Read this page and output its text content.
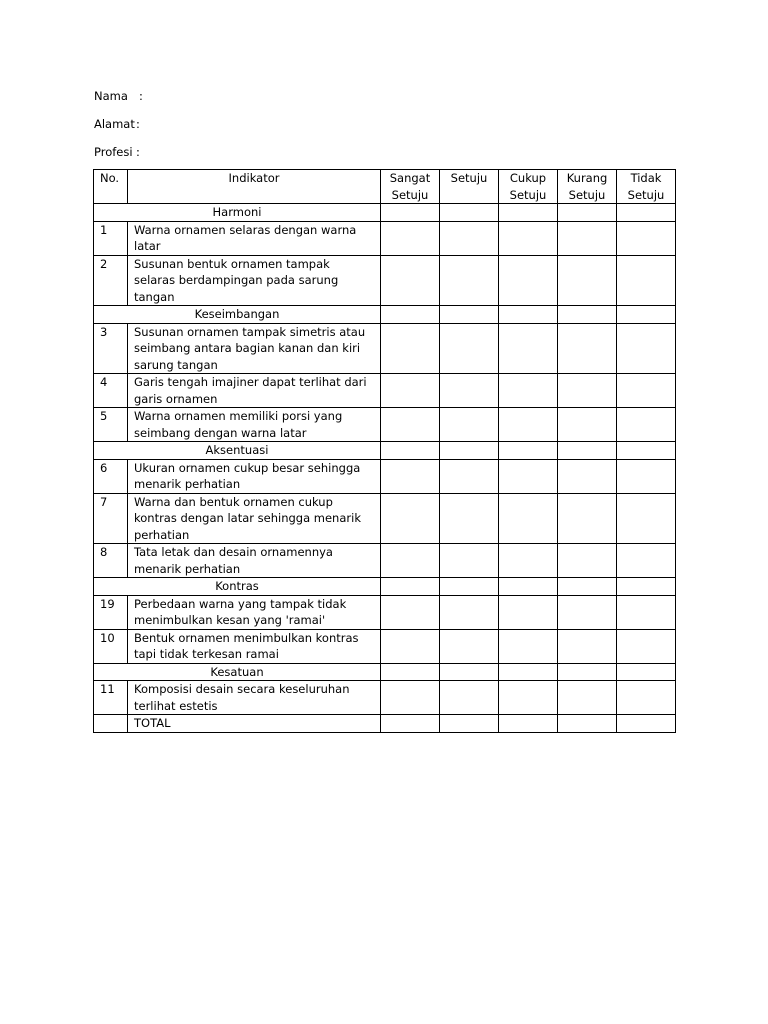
Nama :
Alamat:
Profesi :
No.	Indikator	Sangat Setuju	Setuju	Cukup Setuju	Kurang Setuju	Tidak Setuju
Harmoni						
1	Warna ornamen selaras dengan warna latar					
2	Susunan bentuk ornamen tampak selaras berdampingan pada sarung tangan					
Keseimbangan						
3	Susunan ornamen tampak simetris atau seimbang antara bagian kanan dan kiri sarung tangan					
4	Garis tengah imajiner dapat terlihat dari garis ornamen					
5	Warna ornamen memiliki porsi yang seimbang dengan warna latar					
Aksentuasi						
6	Ukuran ornamen cukup besar sehingga menarik perhatian					
7	Warna dan bentuk ornamen cukup kontras dengan latar sehingga menarik perhatian					
8	Tata letak dan desain ornamennya menarik perhatian					
Kontras						
19	Perbedaan warna yang tampak tidak menimbulkan kesan yang 'ramai'					
10	Bentuk ornamen menimbulkan kontras tapi tidak terkesan ramai					
Kesatuan						
11	Komposisi desain secara keseluruhan terlihat estetis					
	TOTAL					
